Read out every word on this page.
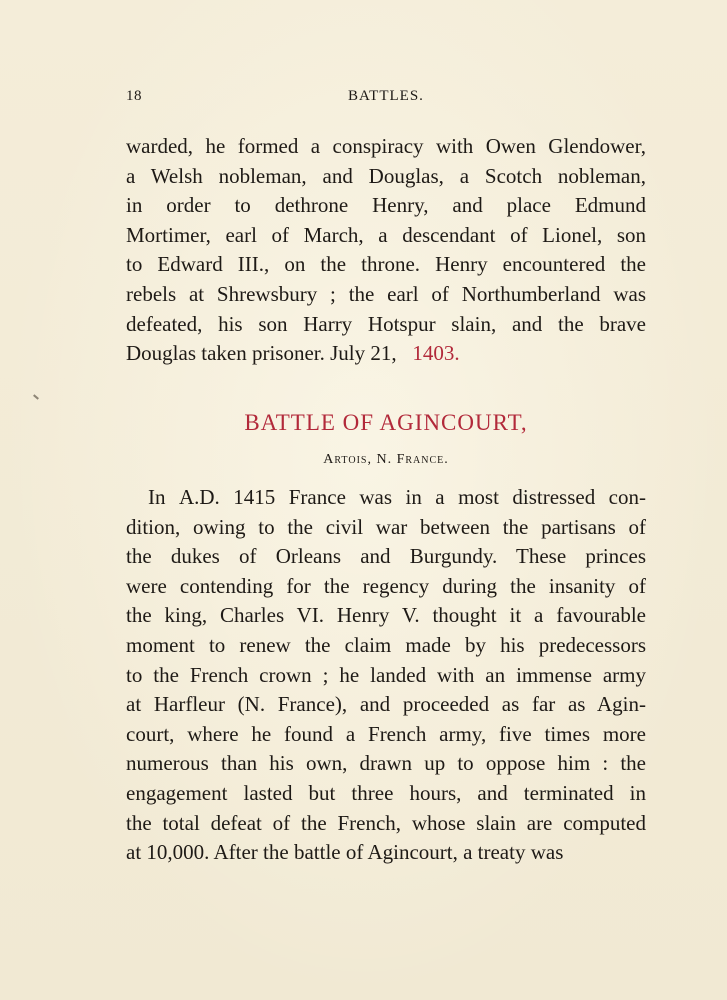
18	BATTLES.
warded, he formed a conspiracy with Owen Glendower,
a Welsh nobleman, and Douglas, a Scotch nobleman,
in order to dethrone Henry, and place Edmund
Mortimer, earl of March, a descendant of Lionel, son
to Edward III., on the throne. Henry encountered the
rebels at Shrewsbury ; the earl of Northumberland was
defeated, his son Harry Hotspur slain, and the brave
Douglas taken prisoner. July 21, 1403.
BATTLE OF AGINCOURT,
Artois, N. France.
In A.D. 1415 France was in a most distressed con-
dition, owing to the civil war between the partisans of
the dukes of Orleans and Burgundy. These princes
were contending for the regency during the insanity of
the king, Charles VI. Henry V. thought it a favourable
moment to renew the claim made by his predecessors
to the French crown ; he landed with an immense army
at Harfleur (N. France), and proceeded as far as Agin-
court, where he found a French army, five times more
numerous than his own, drawn up to oppose him : the
engagement lasted but three hours, and terminated in
the total defeat of the French, whose slain are computed
at 10,000. After the battle of Agincourt, a treaty was
